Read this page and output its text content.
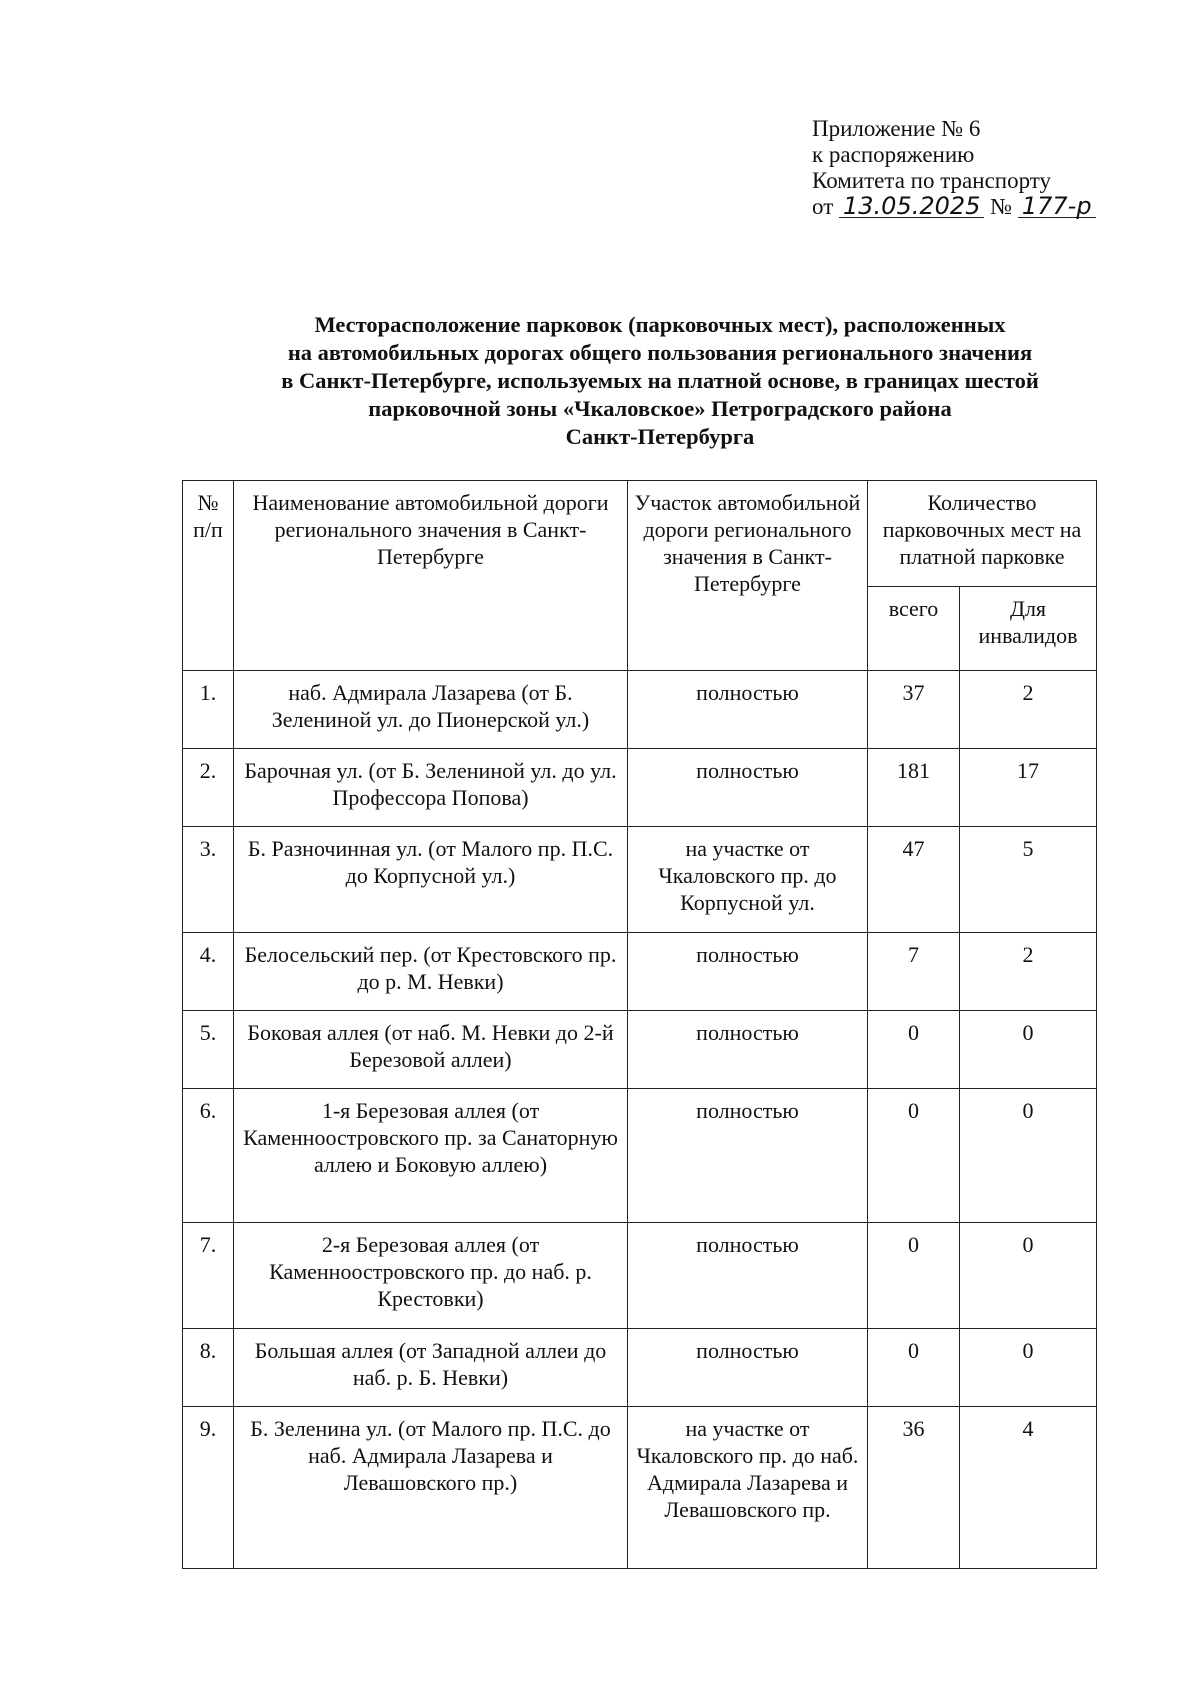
Приложение № 6
к распоряжению
Комитета по транспорту
от 13.05.2025 № 177-р
Месторасположение парковок (парковочных мест), расположенных
на автомобильных дорогах общего пользования регионального значения
в Санкт-Петербурге, используемых на платной основе, в границах шестой
парковочной зоны «Чкаловское» Петроградского района
Санкт-Петербурга
№ п/п	Наименование автомобильной дороги регионального значения в Санкт-Петербурге	Участок автомобильной дороги регионального значения в Санкт-Петербурге	Количество парковочных мест на платной парковке	
			всего	Для инвалидов
1.	наб. Адмирала Лазарева (от Б. Зелениной ул. до Пионерской ул.)	полностью	37	2
2.	Барочная ул. (от Б. Зелениной ул. до ул. Профессора Попова)	полностью	181	17
3.	Б. Разночинная ул. (от Малого пр. П.С. до Корпусной ул.)	на участке от Чкаловского пр. до Корпусной ул.	47	5
4.	Белосельский пер. (от Крестовского пр. до р. М. Невки)	полностью	7	2
5.	Боковая аллея (от наб. М. Невки до 2-й Березовой аллеи)	полностью	0	0
6.	1-я Березовая аллея (от Каменноостровского пр. за Санаторную аллею и Боковую аллею)	полностью	0	0
7.	2-я Березовая аллея (от Каменноостровского пр. до наб. р. Крестовки)	полностью	0	0
8.	Большая аллея (от Западной аллеи до наб. р. Б. Невки)	полностью	0	0
9.	Б. Зеленина ул. (от Малого пр. П.С. до наб. Адмирала Лазарева и Левашовского пр.)	на участке от Чкаловского пр. до наб. Адмирала Лазарева и Левашовского пр.	36	4
